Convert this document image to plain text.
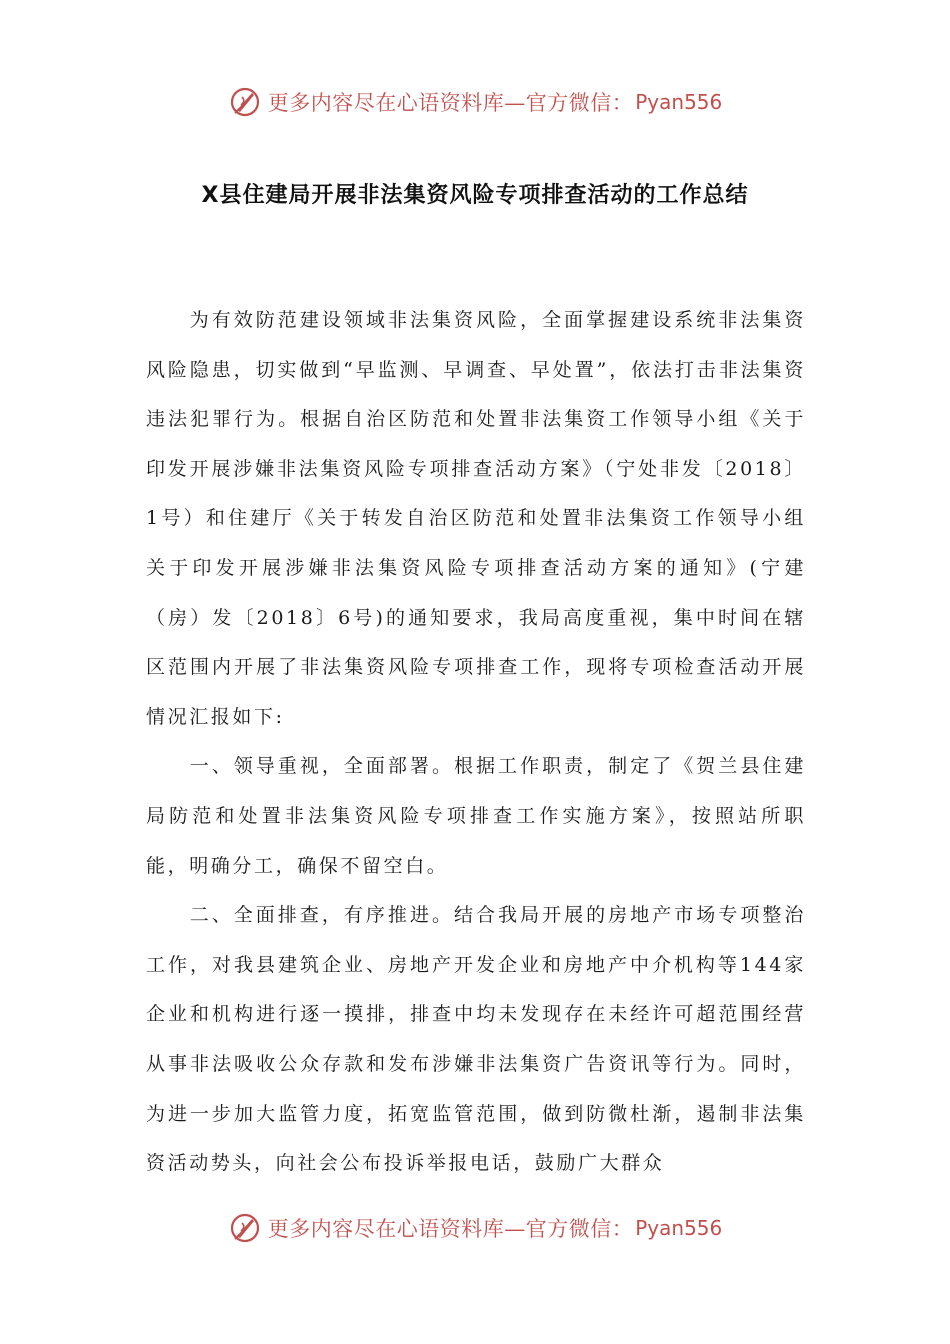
更多内容尽在心语资料库—官方微信： Pyan556
X县住建局开展非法集资风险专项排查活动的工作总结

为有效防范建设领域非法集资风险，全面掌握建设系统非法集资风险隐患，切实做到“早监测、早调查、早处置”，依法打击非法集资违法犯罪行为。根据自治区防范和处置非法集资工作领导小组《关于印发开展涉嫌非法集资风险专项排查活动方案》（宁处非发〔2018〕1号）和住建厅《关于转发自治区防范和处置非法集资工作领导小组关于印发开展涉嫌非法集资风险专项排查活动方案的通知》(宁建（房）发〔2018〕6号)的通知要求，我局高度重视，集中时间在辖区范围内开展了非法集资风险专项排查工作，现将专项检查活动开展情况汇报如下:

一、领导重视，全面部署。根据工作职责，制定了《贺兰县住建局防范和处置非法集资风险专项排查工作实施方案》，按照站所职能，明确分工，确保不留空白。

二、全面排查，有序推进。结合我局开展的房地产市场专项整治工作，对我县建筑企业、房地产开发企业和房地产中介机构等144家企业和机构进行逐一摸排，排查中均未发现存在未经许可超范围经营从事非法吸收公众存款和发布涉嫌非法集资广告资讯等行为。同时，为进一步加大监管力度，拓宽监管范围，做到防微杜渐，遏制非法集资活动势头，向社会公布投诉举报电话，鼓励广大群众

更多内容尽在心语资料库—官方微信： Pyan556
